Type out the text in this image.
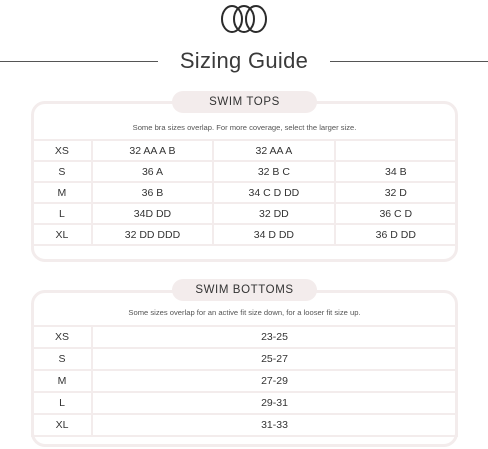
Sizing Guide
SWIM TOPS
Some bra sizes overlap. For more coverage, select the larger size.
XS	32 AA A B	32 AA A	
S	36 A	32 B C	34 B
M	36 B	34 C D DD	32 D
L	34D DD	32 DD	36 C D
XL	32 DD DDD	34 D DD	36 D DD
SWIM BOTTOMS
Some sizes overlap for an active fit size down, for a looser fit size up.
XS	23-25
S	25-27
M	27-29
L	29-31
XL	31-33
